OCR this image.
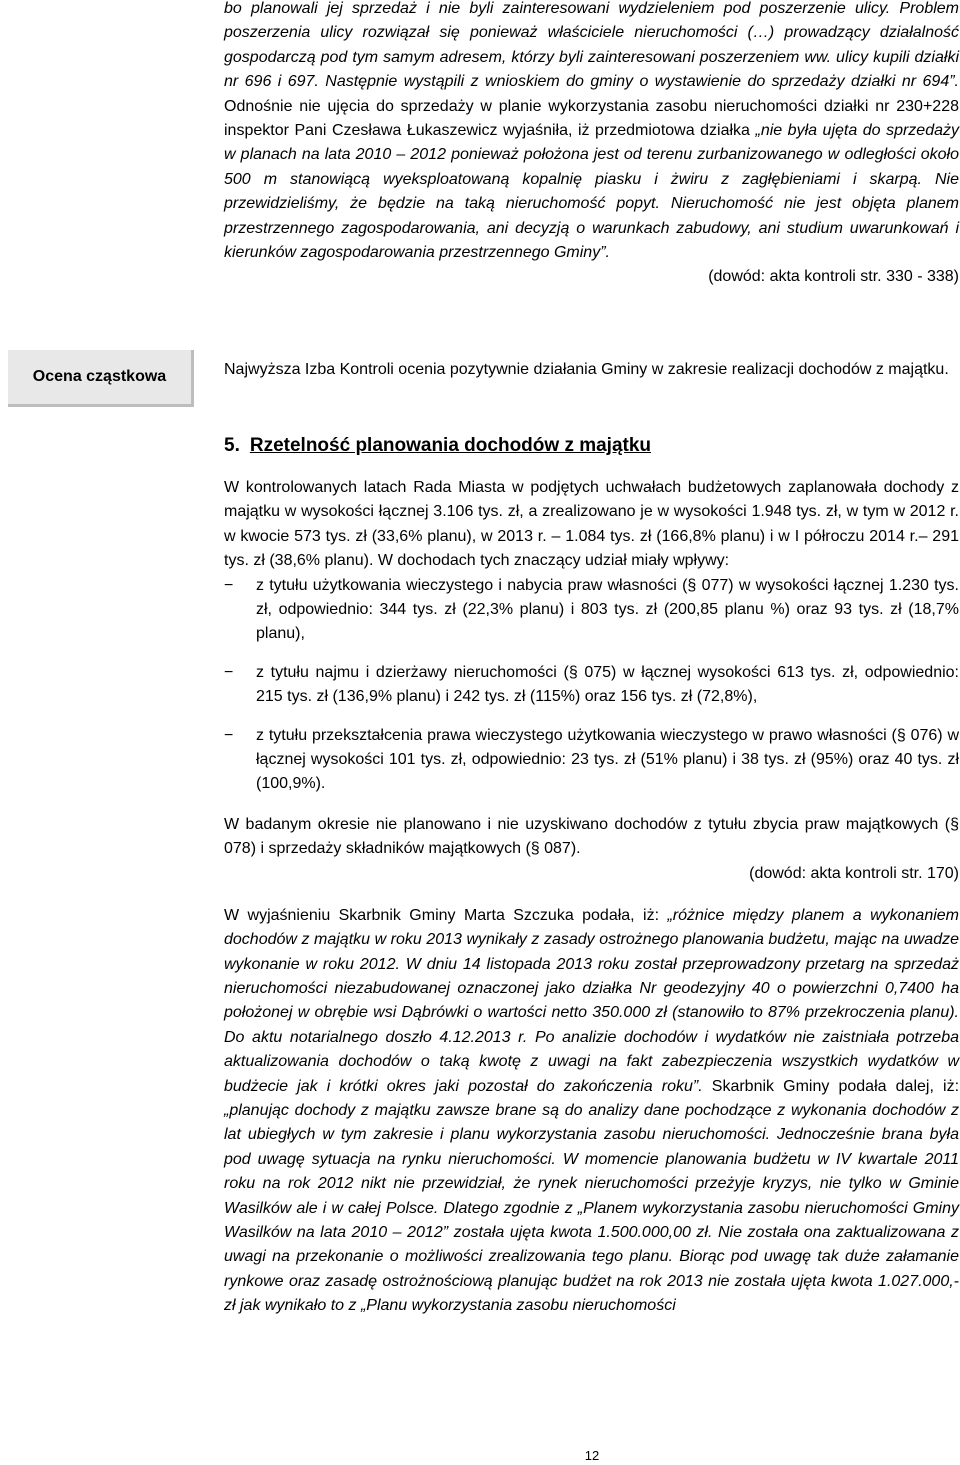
bo planowali jej sprzedaż i nie byli zainteresowani wydzieleniem pod poszerzenie ulicy. Problem poszerzenia ulicy rozwiązał się ponieważ właściciele nieruchomości (…) prowadzący działalność gospodarczą pod tym samym adresem, którzy byli zainteresowani poszerzeniem ww. ulicy kupili działki nr 696 i 697. Następnie wystąpili z wnioskiem do gminy o wystawienie do sprzedaży działki nr 694”. Odnośnie nie ujęcia do sprzedaży w planie wykorzystania zasobu nieruchomości działki nr 230+228 inspektor Pani Czesława Łukaszewicz wyjaśniła, iż przedmiotowa działka „nie była ujęta do sprzedaży w planach na lata 2010 – 2012 ponieważ położona jest od terenu zurbanizowanego w odległości około 500 m stanowiącą wyeksploatowaną kopalnię piasku i żwiru z zagłębieniami i skarpą. Nie przewidzieliśmy, że będzie na taką nieruchomość popyt. Nieruchomość nie jest objęta planem przestrzennego zagospodarowania, ani decyzją o warunkach zabudowy, ani studium uwarunkowań i kierunków zagospodarowania przestrzennego Gminy”.

(dowód: akta kontroli str. 330 - 338)

Ocena cząstkowa	Najwyższa Izba Kontroli ocenia pozytywnie działania Gminy w zakresie realizacji dochodów z majątku.

5. Rzetelność planowania dochodów z majątku

W kontrolowanych latach Rada Miasta w podjętych uchwałach budżetowych zaplanowała dochody z majątku w wysokości łącznej 3.106 tys. zł, a zrealizowano je w wysokości 1.948 tys. zł, w tym w 2012 r. w kwocie 573 tys. zł (33,6% planu), w 2013 r. – 1.084 tys. zł (166,8% planu) i w I półroczu 2014 r.– 291 tys. zł (38,6% planu). W dochodach tych znaczący udział miały wpływy:

− z tytułu użytkowania wieczystego i nabycia praw własności (§ 077) w wysokości łącznej 1.230 tys. zł, odpowiednio: 344 tys. zł (22,3% planu) i 803 tys. zł (200,85 planu %) oraz 93 tys. zł (18,7% planu),
− z tytułu najmu i dzierżawy nieruchomości (§ 075) w łącznej wysokości 613 tys. zł, odpowiednio: 215 tys. zł (136,9% planu) i 242 tys. zł (115%) oraz 156 tys. zł (72,8%),
− z tytułu przekształcenia prawa wieczystego użytkowania wieczystego w prawo własności (§ 076) w łącznej wysokości 101 tys. zł, odpowiednio: 23 tys. zł (51% planu) i 38 tys. zł (95%) oraz 40 tys. zł (100,9%).

W badanym okresie nie planowano i nie uzyskiwano dochodów z tytułu zbycia praw majątkowych (§ 078) i sprzedaży składników majątkowych (§ 087).

(dowód: akta kontroli str. 170)

W wyjaśnieniu Skarbnik Gminy Marta Szczuka podała, iż: „różnice między planem a wykonaniem dochodów z majątku w roku 2013 wynikały z zasady ostrożnego planowania budżetu, mając na uwadze wykonanie w roku 2012. W dniu 14 listopada 2013 roku został przeprowadzony przetarg na sprzedaż nieruchomości niezabudowanej oznaczonej jako działka Nr geodezyjny 40 o powierzchni 0,7400 ha położonej w obrębie wsi Dąbrówki o wartości netto 350.000 zł (stanowiło to 87% przekroczenia planu). Do aktu notarialnego doszło 4.12.2013 r. Po analizie dochodów i wydatków nie zaistniała potrzeba aktualizowania dochodów o taką kwotę z uwagi na fakt zabezpieczenia wszystkich wydatków w budżecie jak i krótki okres jaki pozostał do zakończenia roku”. Skarbnik Gminy podała dalej, iż: „planując dochody z majątku zawsze brane są do analizy dane pochodzące z wykonania dochodów z lat ubiegłych w tym zakresie i planu wykorzystania zasobu nieruchomości. Jednocześnie brana była pod uwagę sytuacja na rynku nieruchomości. W momencie planowania budżetu w IV kwartale 2011 roku na rok 2012 nikt nie przewidział, że rynek nieruchomości przeżyje kryzys, nie tylko w Gminie Wasilków ale i w całej Polsce. Dlatego zgodnie z „Planem wykorzystania zasobu nieruchomości Gminy Wasilków na lata 2010 – 2012” została ujęta kwota 1.500.000,00 zł. Nie została ona zaktualizowana z uwagi na przekonanie o możliwości zrealizowania tego planu. Biorąc pod uwagę tak duże załamanie rynkowe oraz zasadę ostrożnościową planując budżet na rok 2013 nie została ujęta kwota 1.027.000,- zł jak wynikało to z „Planu wykorzystania zasobu nieruchomości

12
